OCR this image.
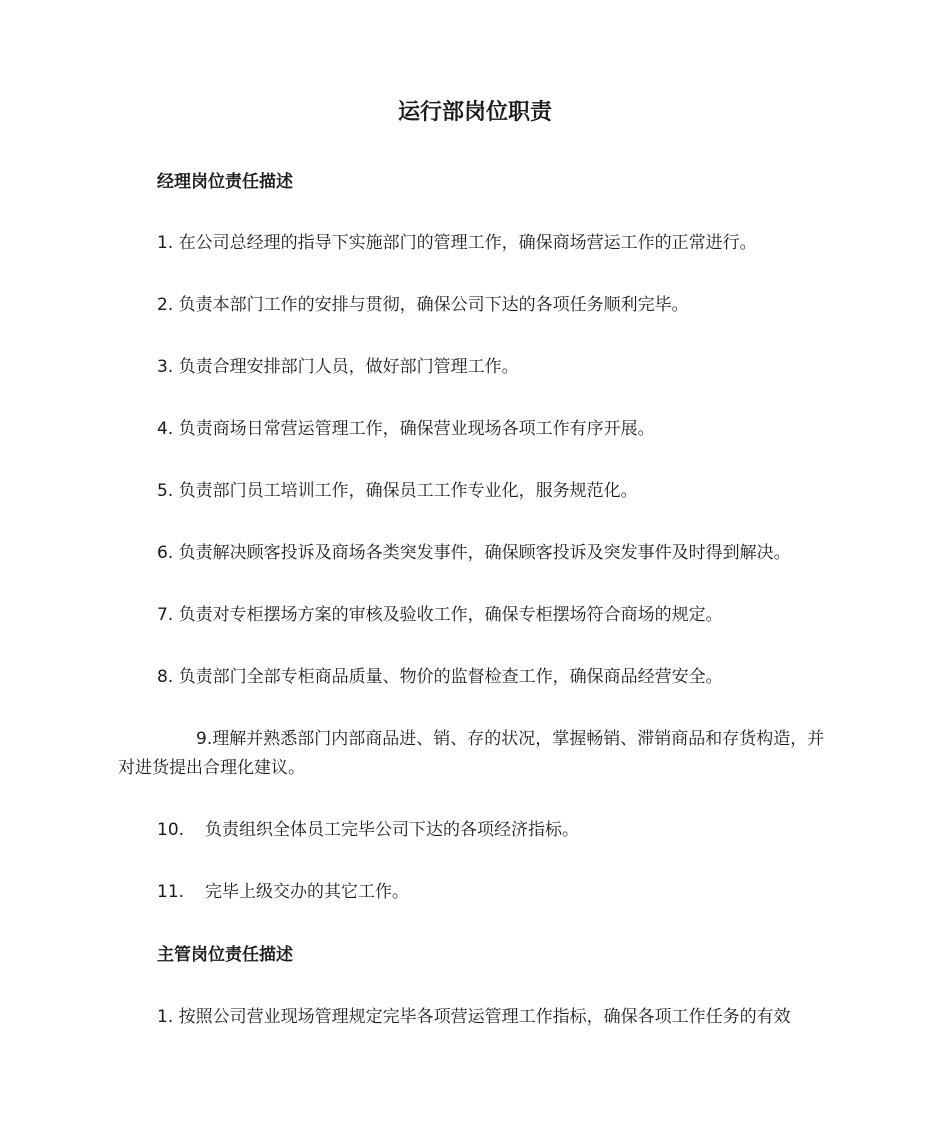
运行部岗位职责
经理岗位责任描述
1. 在公司总经理的指导下实施部门的管理工作，确保商场营运工作的正常进行。
2. 负责本部门工作的安排与贯彻，确保公司下达的各项任务顺利完毕。
3. 负责合理安排部门人员，做好部门管理工作。
4. 负责商场日常营运管理工作，确保营业现场各项工作有序开展。
5. 负责部门员工培训工作，确保员工工作专业化，服务规范化。
6. 负责解决顾客投诉及商场各类突发事件，确保顾客投诉及突发事件及时得到解决。
7. 负责对专柜摆场方案的审核及验收工作，确保专柜摆场符合商场的规定。
8. 负责部门全部专柜商品质量、物价的监督检查工作，确保商品经营安全。
9.理解并熟悉部门内部商品进、销、存的状况，掌握畅销、滞销商品和存货构造，并对进货提出合理化建议。
10. 负责组织全体员工完毕公司下达的各项经济指标。
11. 完毕上级交办的其它工作。
主管岗位责任描述
1. 按照公司营业现场管理规定完毕各项营运管理工作指标，确保各项工作任务的有效
